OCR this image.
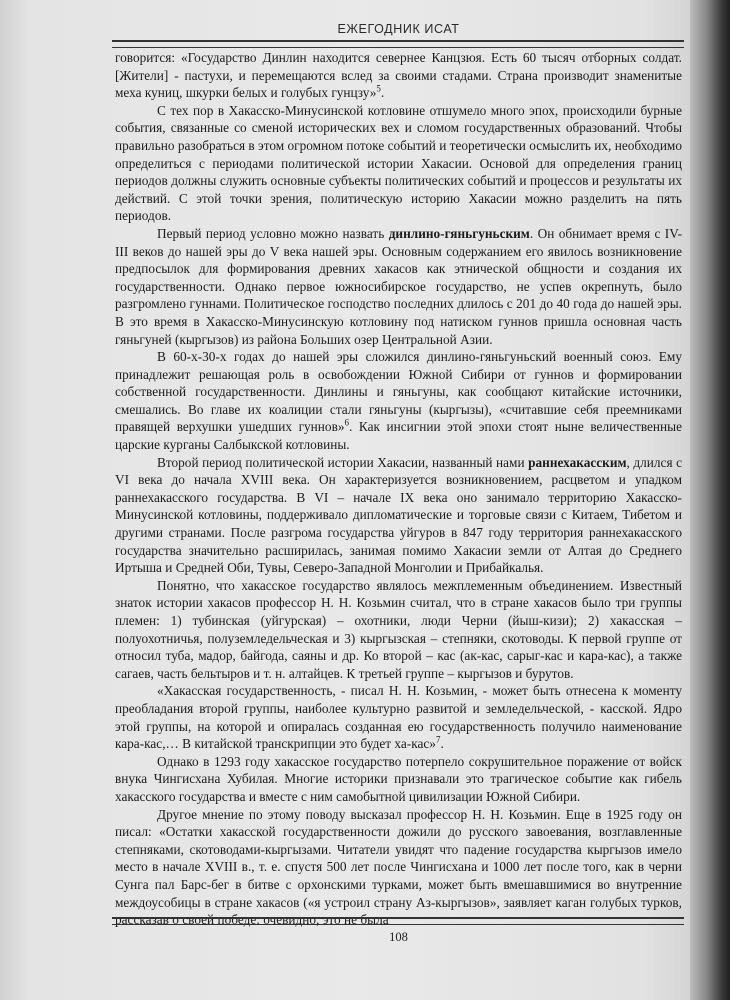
ЕЖЕГОДНИК ИСАТ

говорится: «Государство Динлин находится севернее Канцзюя. Есть 60 тысяч отборных солдат. [Жители] - пастухи, и перемещаются вслед за своими стадами. Страна производит знаменитые меха куниц, шкурки белых и голубых гунцзу»$^5$.

С тех пор в Хакасско-Минусинской котловине отшумело много эпох, происходили бурные события, связанные со сменой исторических вех и сломом государственных образований. Чтобы правильно разобраться в этом огромном потоке событий и теоретически осмыслить их, необходимо определиться с периодами политической истории Хакасии. Основой для определения границ периодов должны служить основные субъекты политических событий и процессов и результаты их действий. С этой точки зрения, политическую историю Хакасии можно разделить на пять периодов.

Первый период условно можно назвать динлино-гяньгуньским. Он обнимает время с IV-III веков до нашей эры до V века нашей эры. Основным содержанием его явилось возникновение предпосылок для формирования древних хакасов как этнической общности и создания их государственности. Однако первое южносибирское государство, не успев окрепнуть, было разгромлено гуннами. Политическое господство последних длилось с 201 до 40 года до нашей эры. В это время в Хакасско-Минусинскую котловину под натиском гуннов пришла основная часть гяньгуней (кыргызов) из района Больших озер Центральной Азии.

В 60-х-30-х годах до нашей эры сложился динлино-гяньгуньский военный союз. Ему принадлежит решающая роль в освобождении Южной Сибири от гуннов и формировании собственной государственности. Динлины и гяньгуны, как сообщают китайские источники, смешались. Во главе их коалиции стали гяньгуны (кыргызы), «считавшие себя преемниками правящей верхушки ушедших гуннов»$^6$. Как инсигнии этой эпохи стоят ныне величественные царские курганы Салбыкской котловины.

Второй период политической истории Хакасии, названный нами раннехакасским, длился с VI века до начала XVIII века. Он характеризуется возникновением, расцветом и упадком раннехакасского государства. В VI – начале IX века оно занимало территорию Хакасско-Минусинской котловины, поддерживало дипломатические и торговые связи с Китаем, Тибетом и другими странами. После разгрома государства уйгуров в 847 году территория раннехакасского государства значительно расширилась, занимая помимо Хакасии земли от Алтая до Среднего Иртыша и Средней Оби, Тувы, Северо-Западной Монголии и Прибайкалья.

Понятно, что хакасское государство являлось межплеменным объединением. Известный знаток истории хакасов профессор Н. Н. Козьмин считал, что в стране хакасов было три группы племен: 1) тубинская (уйгурская) – охотники, люди Черни (йыш-кизи); 2) хакасская – полуохотничья, полуземледельческая и 3) кыргызская – степняки, скотоводы. К первой группе от относил туба, мадор, байгода, саяны и др. Ко второй – кас (ак-кас, сарыг-кас и кара-кас), а также сагаев, часть бельтыров и т. н. алтайцев. К третьей группе – кыргызов и бурутов.

«Хакасская государственность, - писал Н. Н. Козьмин, - может быть отнесена к моменту преобладания второй группы, наиболее культурно развитой и земледельческой, - касской. Ядро этой группы, на которой и опиралась созданная ею государственность получило наименование кара-кас,… В китайской транскрипции это будет ха-кас»$^7$.

Однако в 1293 году хакасское государство потерпело сокрушительное поражение от войск внука Чингисхана Хубилая. Многие историки признавали это трагическое событие как гибель хакасского государства и вместе с ним самобытной цивилизации Южной Сибири.

Другое мнение по этому поводу высказал профессор Н. Н. Козьмин. Еще в 1925 году он писал: «Остатки хакасской государственности дожили до русского завоевания, возглавленные степняками, скотоводами-кыргызами. Читатели увидят что падение государства кыргызов имело место в начале XVIII в., т. е. спустя 500 лет после Чингисхана и 1000 лет после того, как в черни Сунга пал Барс-бег в битве с орхонскими турками, может быть вмешавшимися во внутренние междоусобицы в стране хакасов («я устроил страну Аз-кыргызов», заявляет каган голубых турков, рассказав о своей победе: очевидно, это не была

108
